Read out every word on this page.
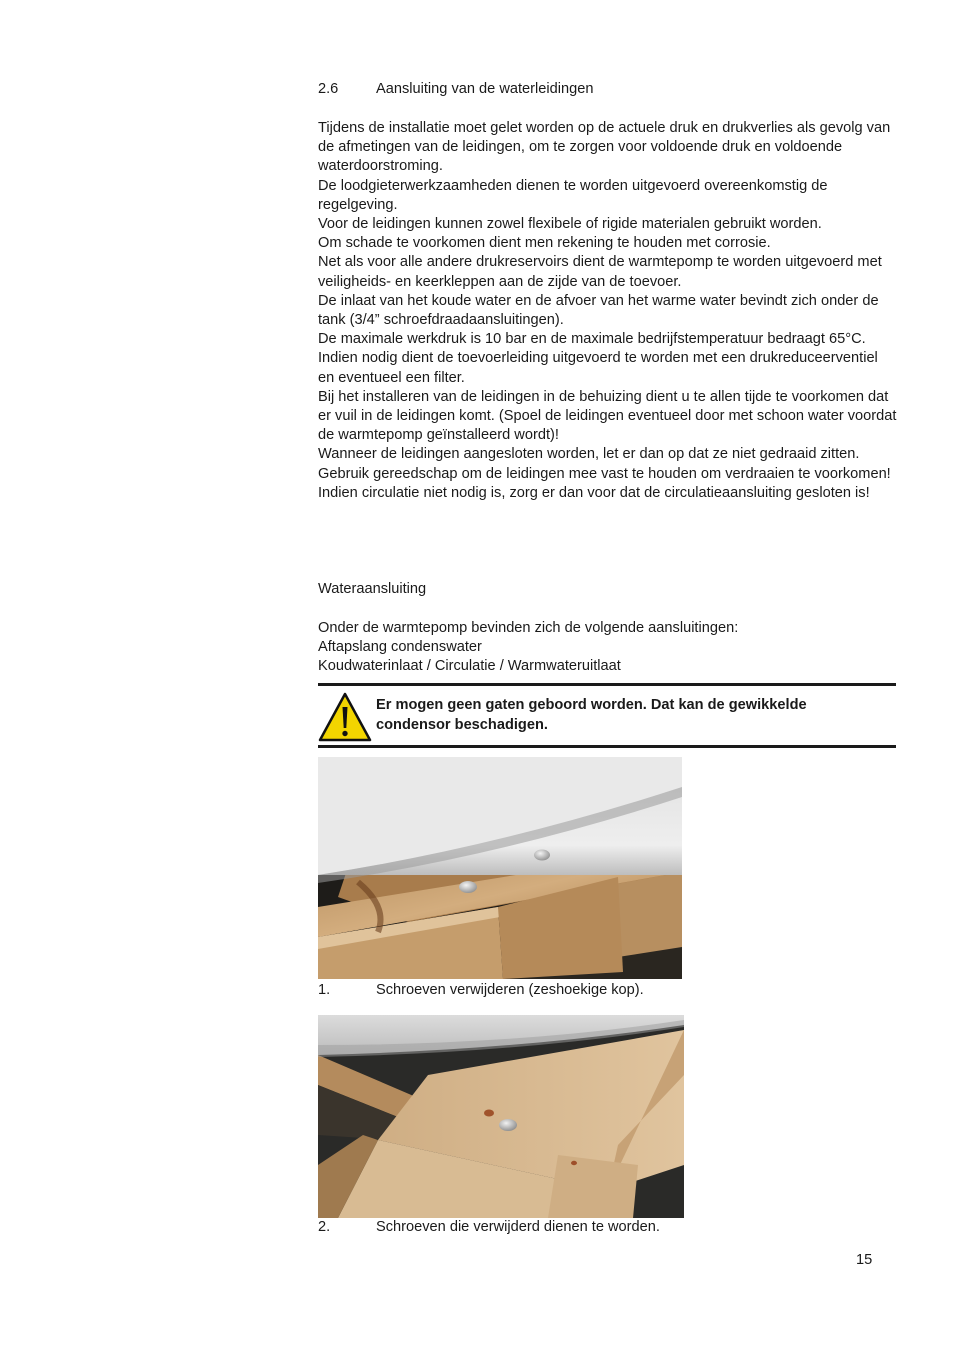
2.6	Aansluiting van de waterleidingen

Tijdens de installatie moet gelet worden op de actuele druk en drukverlies als gevolg van de afmetingen van de leidingen, om te zorgen voor voldoende druk en voldoende waterdoorstroming.

De loodgieterwerkzaamheden dienen te worden uitgevoerd overeenkomstig de regelgeving.

Voor de leidingen kunnen zowel flexibele of rigide materialen gebruikt worden.

Om schade te voorkomen dient men rekening te houden met corrosie.

Net als voor alle andere drukreservoirs dient de warmtepomp te worden uitgevoerd met veiligheids- en keerkleppen aan de zijde van de toevoer.

De inlaat van het koude water en de afvoer van het warme water bevindt zich onder de tank (3/4” schroefdraadaansluitingen).

De maximale werkdruk is 10 bar en de maximale bedrijfstemperatuur bedraagt 65°C.

Indien nodig dient de toevoerleiding uitgevoerd te worden met een drukreduceerventiel en eventueel een filter.

Bij het installeren van de leidingen in de behuizing dient u te allen tijde te voorkomen dat er vuil in de leidingen komt. (Spoel de leidingen eventueel door met schoon water voordat de warmtepomp geïnstalleerd wordt)!

Wanneer de leidingen aangesloten worden, let er dan op dat ze niet gedraaid zitten. Gebruik gereedschap om de leidingen mee vast te houden om verdraaien te voorkomen!

Indien circulatie niet nodig is, zorg er dan voor dat de circulatieaansluiting gesloten is!

Wateraansluiting
Onder de warmtepomp bevinden zich de volgende aansluitingen:
Aftapslang condenswater
Koudwaterinlaat / Circulatie / Warmwateruitlaat
Er mogen geen gaten geboord worden. Dat kan de gewikkelde condensor beschadigen.
1.	Schroeven verwijderen (zeshoekige kop).
2.	Schroeven die verwijderd dienen te worden.
15
